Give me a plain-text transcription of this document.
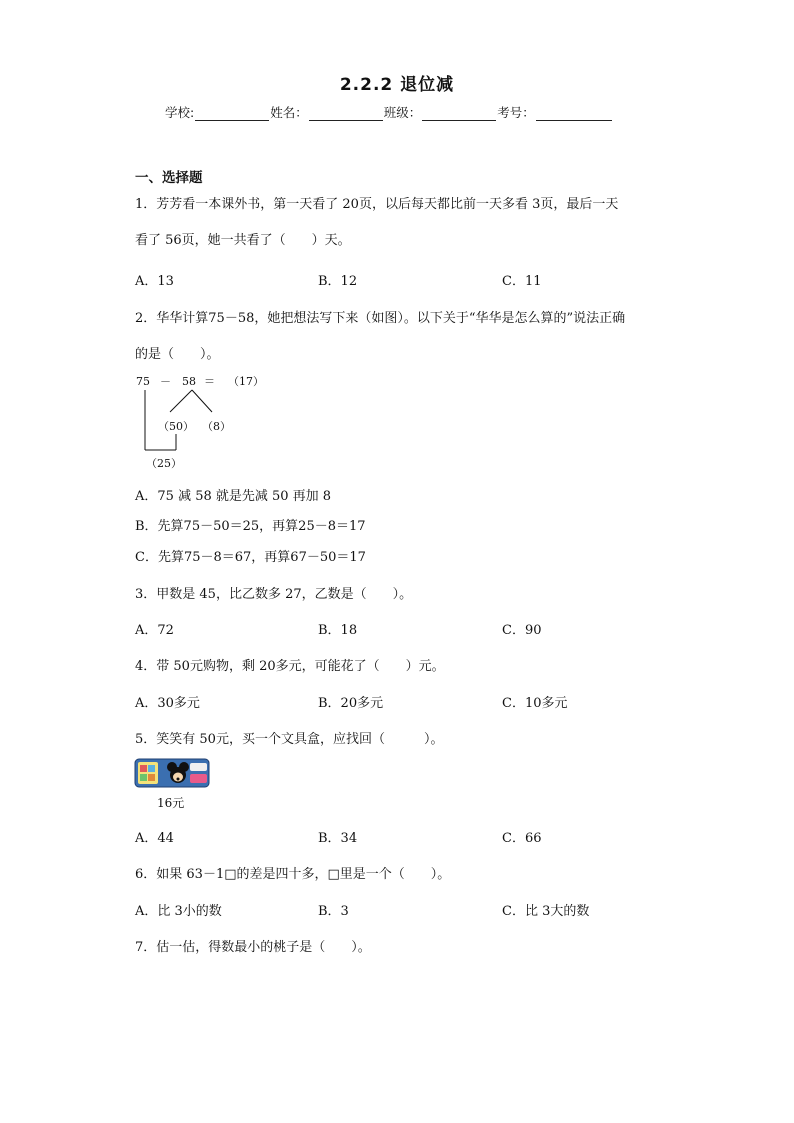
2.2.2 退位减
学校:	姓名：	班级：	考号：
一、选择题
1．芳芳看一本课外书，第一天看了 20页，以后每天都比前一天多看 3页，最后一天
看了 56页，她一共看了（　　）天。
A．13	B．12	C．11
2．华华计算75－58，她把想法写下来（如图）。以下关于“华华是怎么算的”说法正确
的是（　　）。
75 － 58 ＝ （17）
（50） （8）
（25）
A．75 减 58 就是先减 50 再加 8
B．先算75－50＝25，再算25－8＝17
C．先算75－8＝67，再算67－50＝17
3．甲数是 45，比乙数多 27，乙数是（　　）。
A．72	B．18	C．90
4．带 50元购物，剩 20多元，可能花了（　　）元。
A．30多元	B．20多元	C．10多元
5．笑笑有 50元，买一个文具盒，应找回（　　　）。
16元
A．44	B．34	C．66
6．如果 63－1□的差是四十多，□里是一个（　　）。
A．比 3小的数	B．3	C．比 3大的数
7．估一估，得数最小的桃子是（　　）。
